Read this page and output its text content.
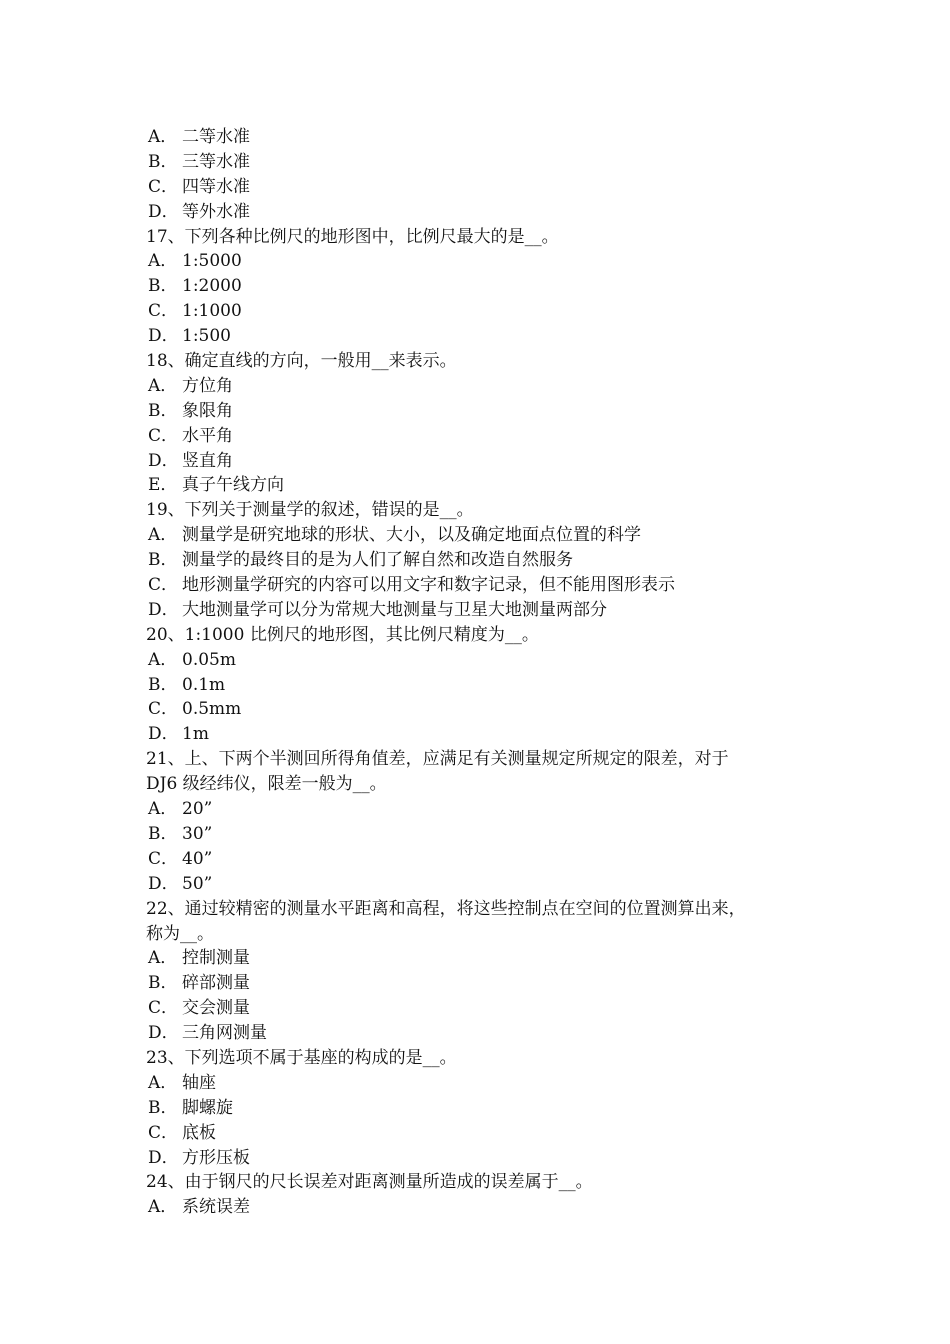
A． 二等水准
B． 三等水准
C． 四等水准
D． 等外水准
17、下列各种比例尺的地形图中，比例尺最大的是__。
A． 1:5000
B． 1:2000
C． 1:1000
D． 1:500
18、确定直线的方向，一般用__来表示。
A． 方位角
B． 象限角
C． 水平角
D． 竖直角
E． 真子午线方向
19、下列关于测量学的叙述，错误的是__。
A． 测量学是研究地球的形状、大小，以及确定地面点位置的科学
B． 测量学的最终目的是为人们了解自然和改造自然服务
C． 地形测量学研究的内容可以用文字和数字记录，但不能用图形表示
D． 大地测量学可以分为常规大地测量与卫星大地测量两部分
20、1:1000 比例尺的地形图，其比例尺精度为__。
A． 0.05m
B． 0.1m
C． 0.5mm
D． 1m
21、上、下两个半测回所得角值差，应满足有关测量规定所规定的限差，对于
DJ6 级经纬仪，限差一般为__。
A． 20”
B． 30”
C． 40”
D． 50”
22、通过较精密的测量水平距离和高程，将这些控制点在空间的位置测算出来，
称为__。
A． 控制测量
B． 碎部测量
C． 交会测量
D． 三角网测量
23、下列选项不属于基座的构成的是__。
A． 轴座
B． 脚螺旋
C． 底板
D． 方形压板
24、由于钢尺的尺长误差对距离测量所造成的误差属于__。
A． 系统误差
